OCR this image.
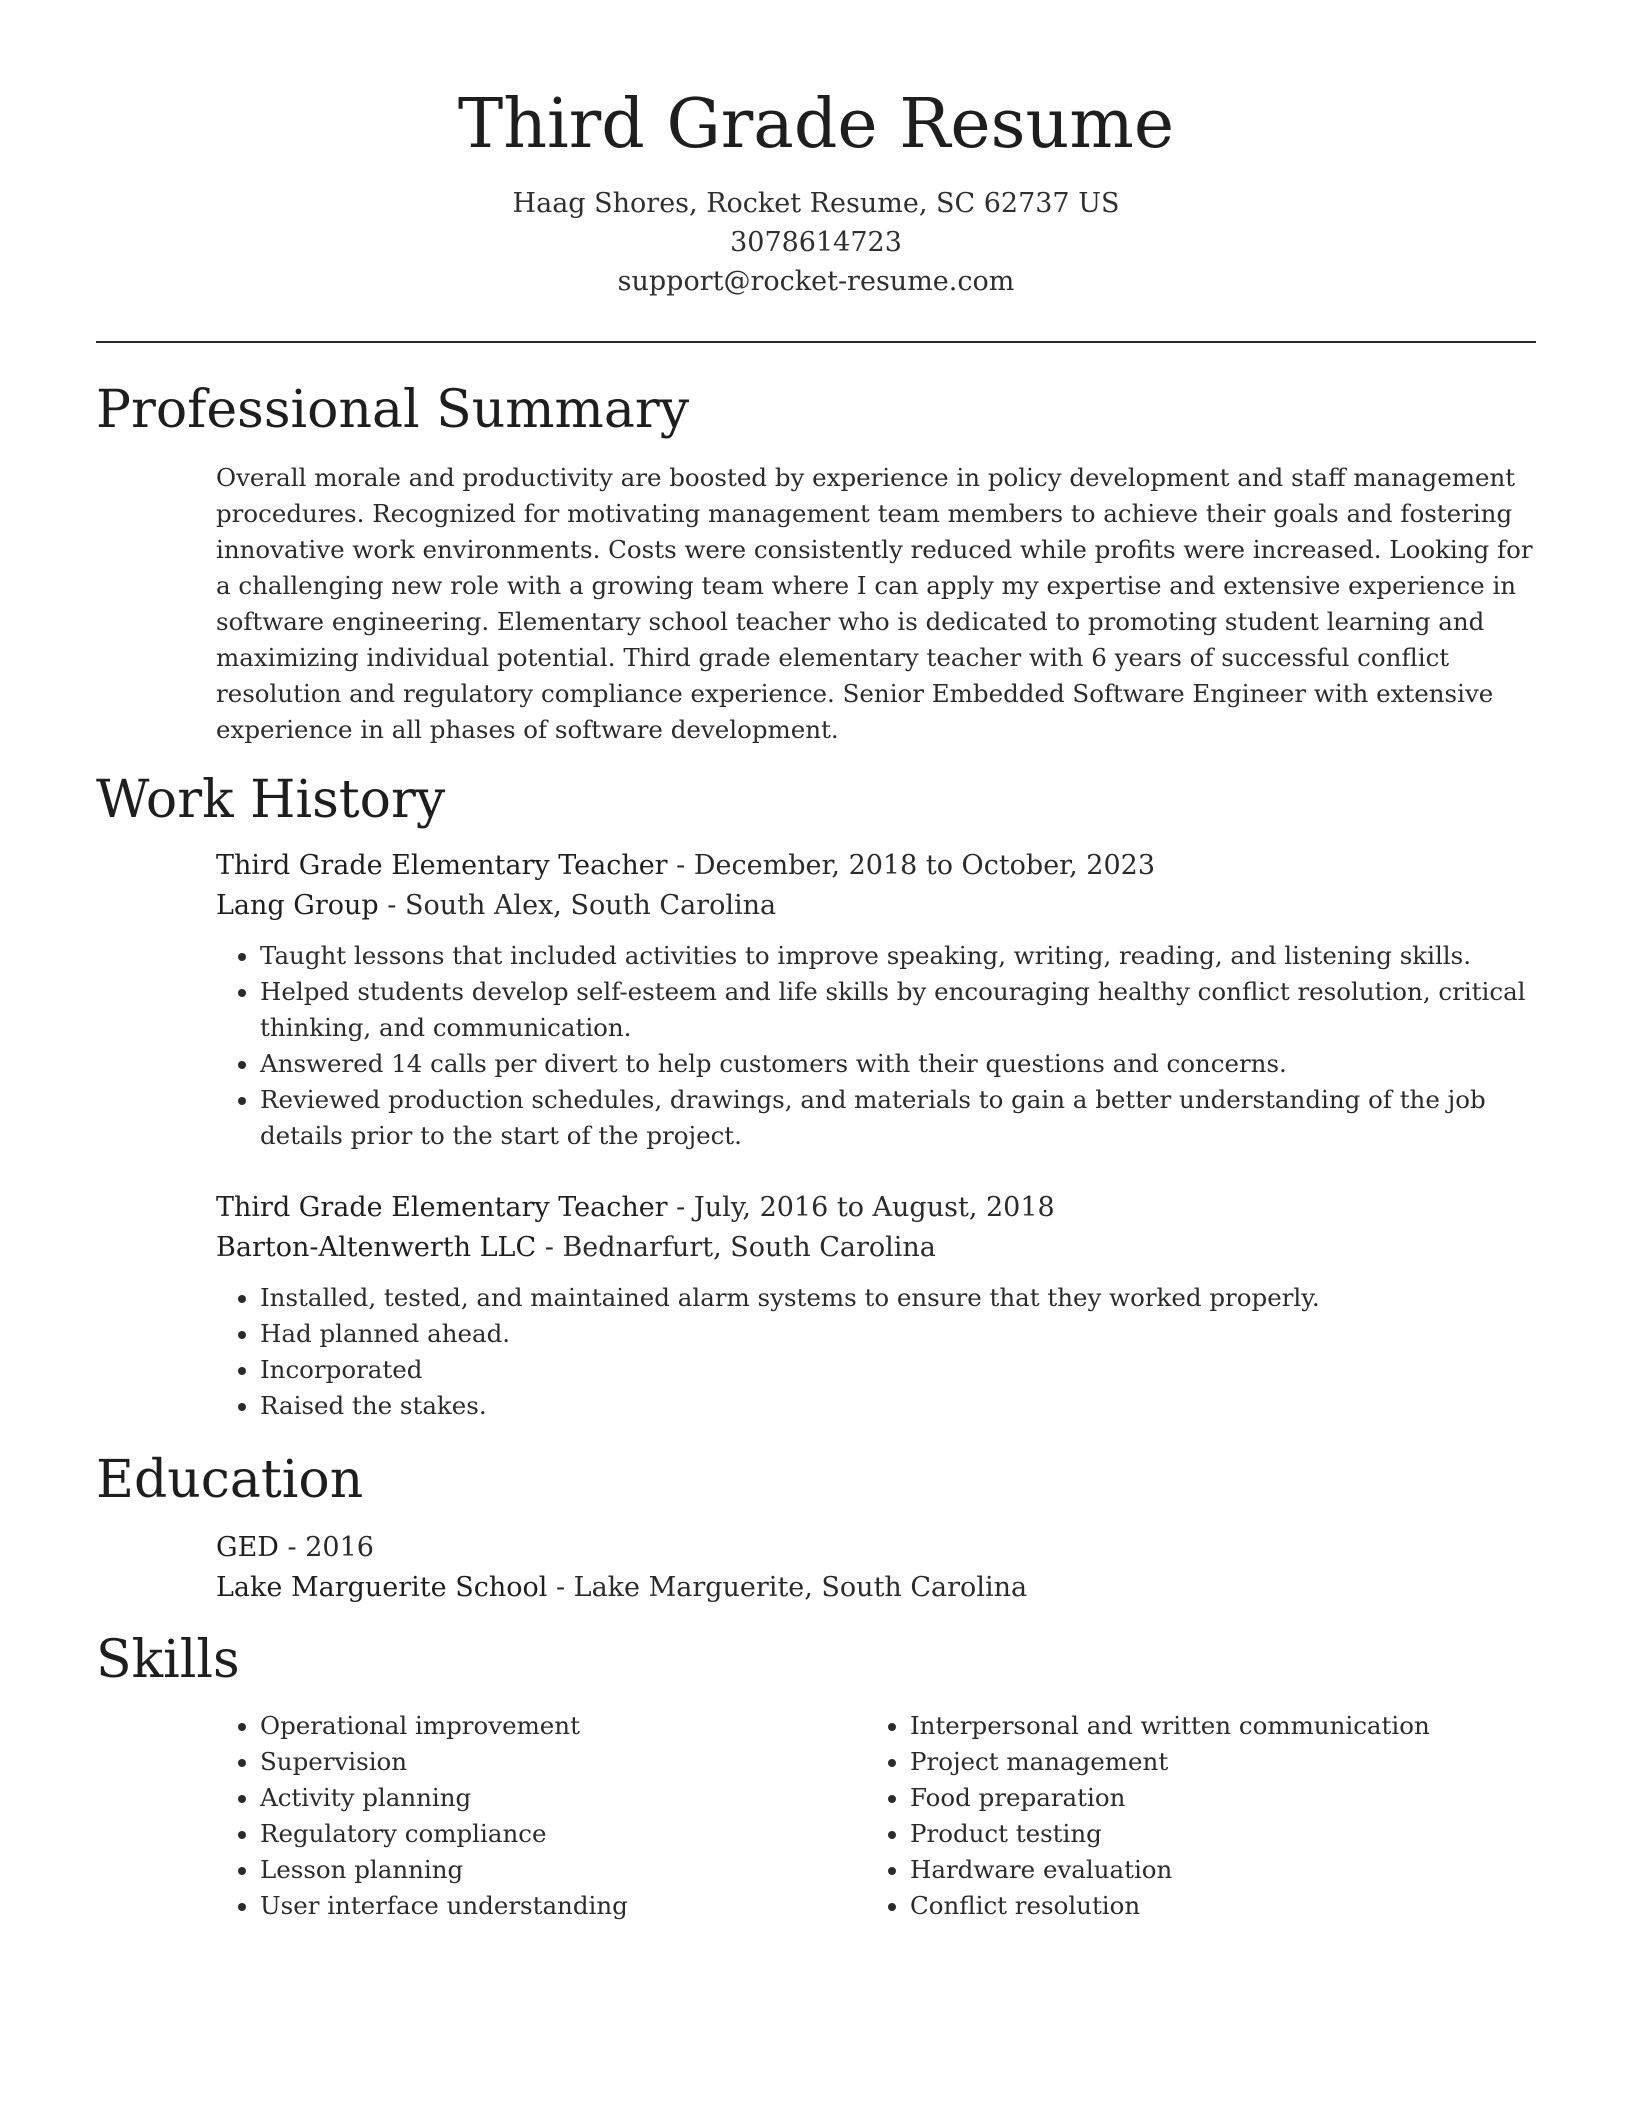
Third Grade Resume
Haag Shores, Rocket Resume, SC 62737 US
3078614723
support@rocket-resume.com
Professional Summary

Overall morale and productivity are boosted by experience in policy development and staff management procedures. Recognized for motivating management team members to achieve their goals and fostering innovative work environments. Costs were consistently reduced while profits were increased. Looking for a challenging new role with a growing team where I can apply my expertise and extensive experience in software engineering. Elementary school teacher who is dedicated to promoting student learning and maximizing individual potential. Third grade elementary teacher with 6 years of successful conflict resolution and regulatory compliance experience. Senior Embedded Software Engineer with extensive experience in all phases of software development.

Work History
Third Grade Elementary Teacher - December, 2018 to October, 2023
Lang Group - South Alex, South Carolina
• Taught lessons that included activities to improve speaking, writing, reading, and listening skills.
• Helped students develop self-esteem and life skills by encouraging healthy conflict resolution, critical thinking, and communication.
• Answered 14 calls per divert to help customers with their questions and concerns.
• Reviewed production schedules, drawings, and materials to gain a better understanding of the job details prior to the start of the project.
Third Grade Elementary Teacher - July, 2016 to August, 2018
Barton-Altenwerth LLC - Bednarfurt, South Carolina
• Installed, tested, and maintained alarm systems to ensure that they worked properly.
• Had planned ahead.
• Incorporated
• Raised the stakes.
Education
GED - 2016
Lake Marguerite School - Lake Marguerite, South Carolina
Skills
• Operational improvement
• Supervision
• Activity planning
• Regulatory compliance
• Lesson planning
• User interface understanding
• Interpersonal and written communication
• Project management
• Food preparation
• Product testing
• Hardware evaluation
• Conflict resolution
